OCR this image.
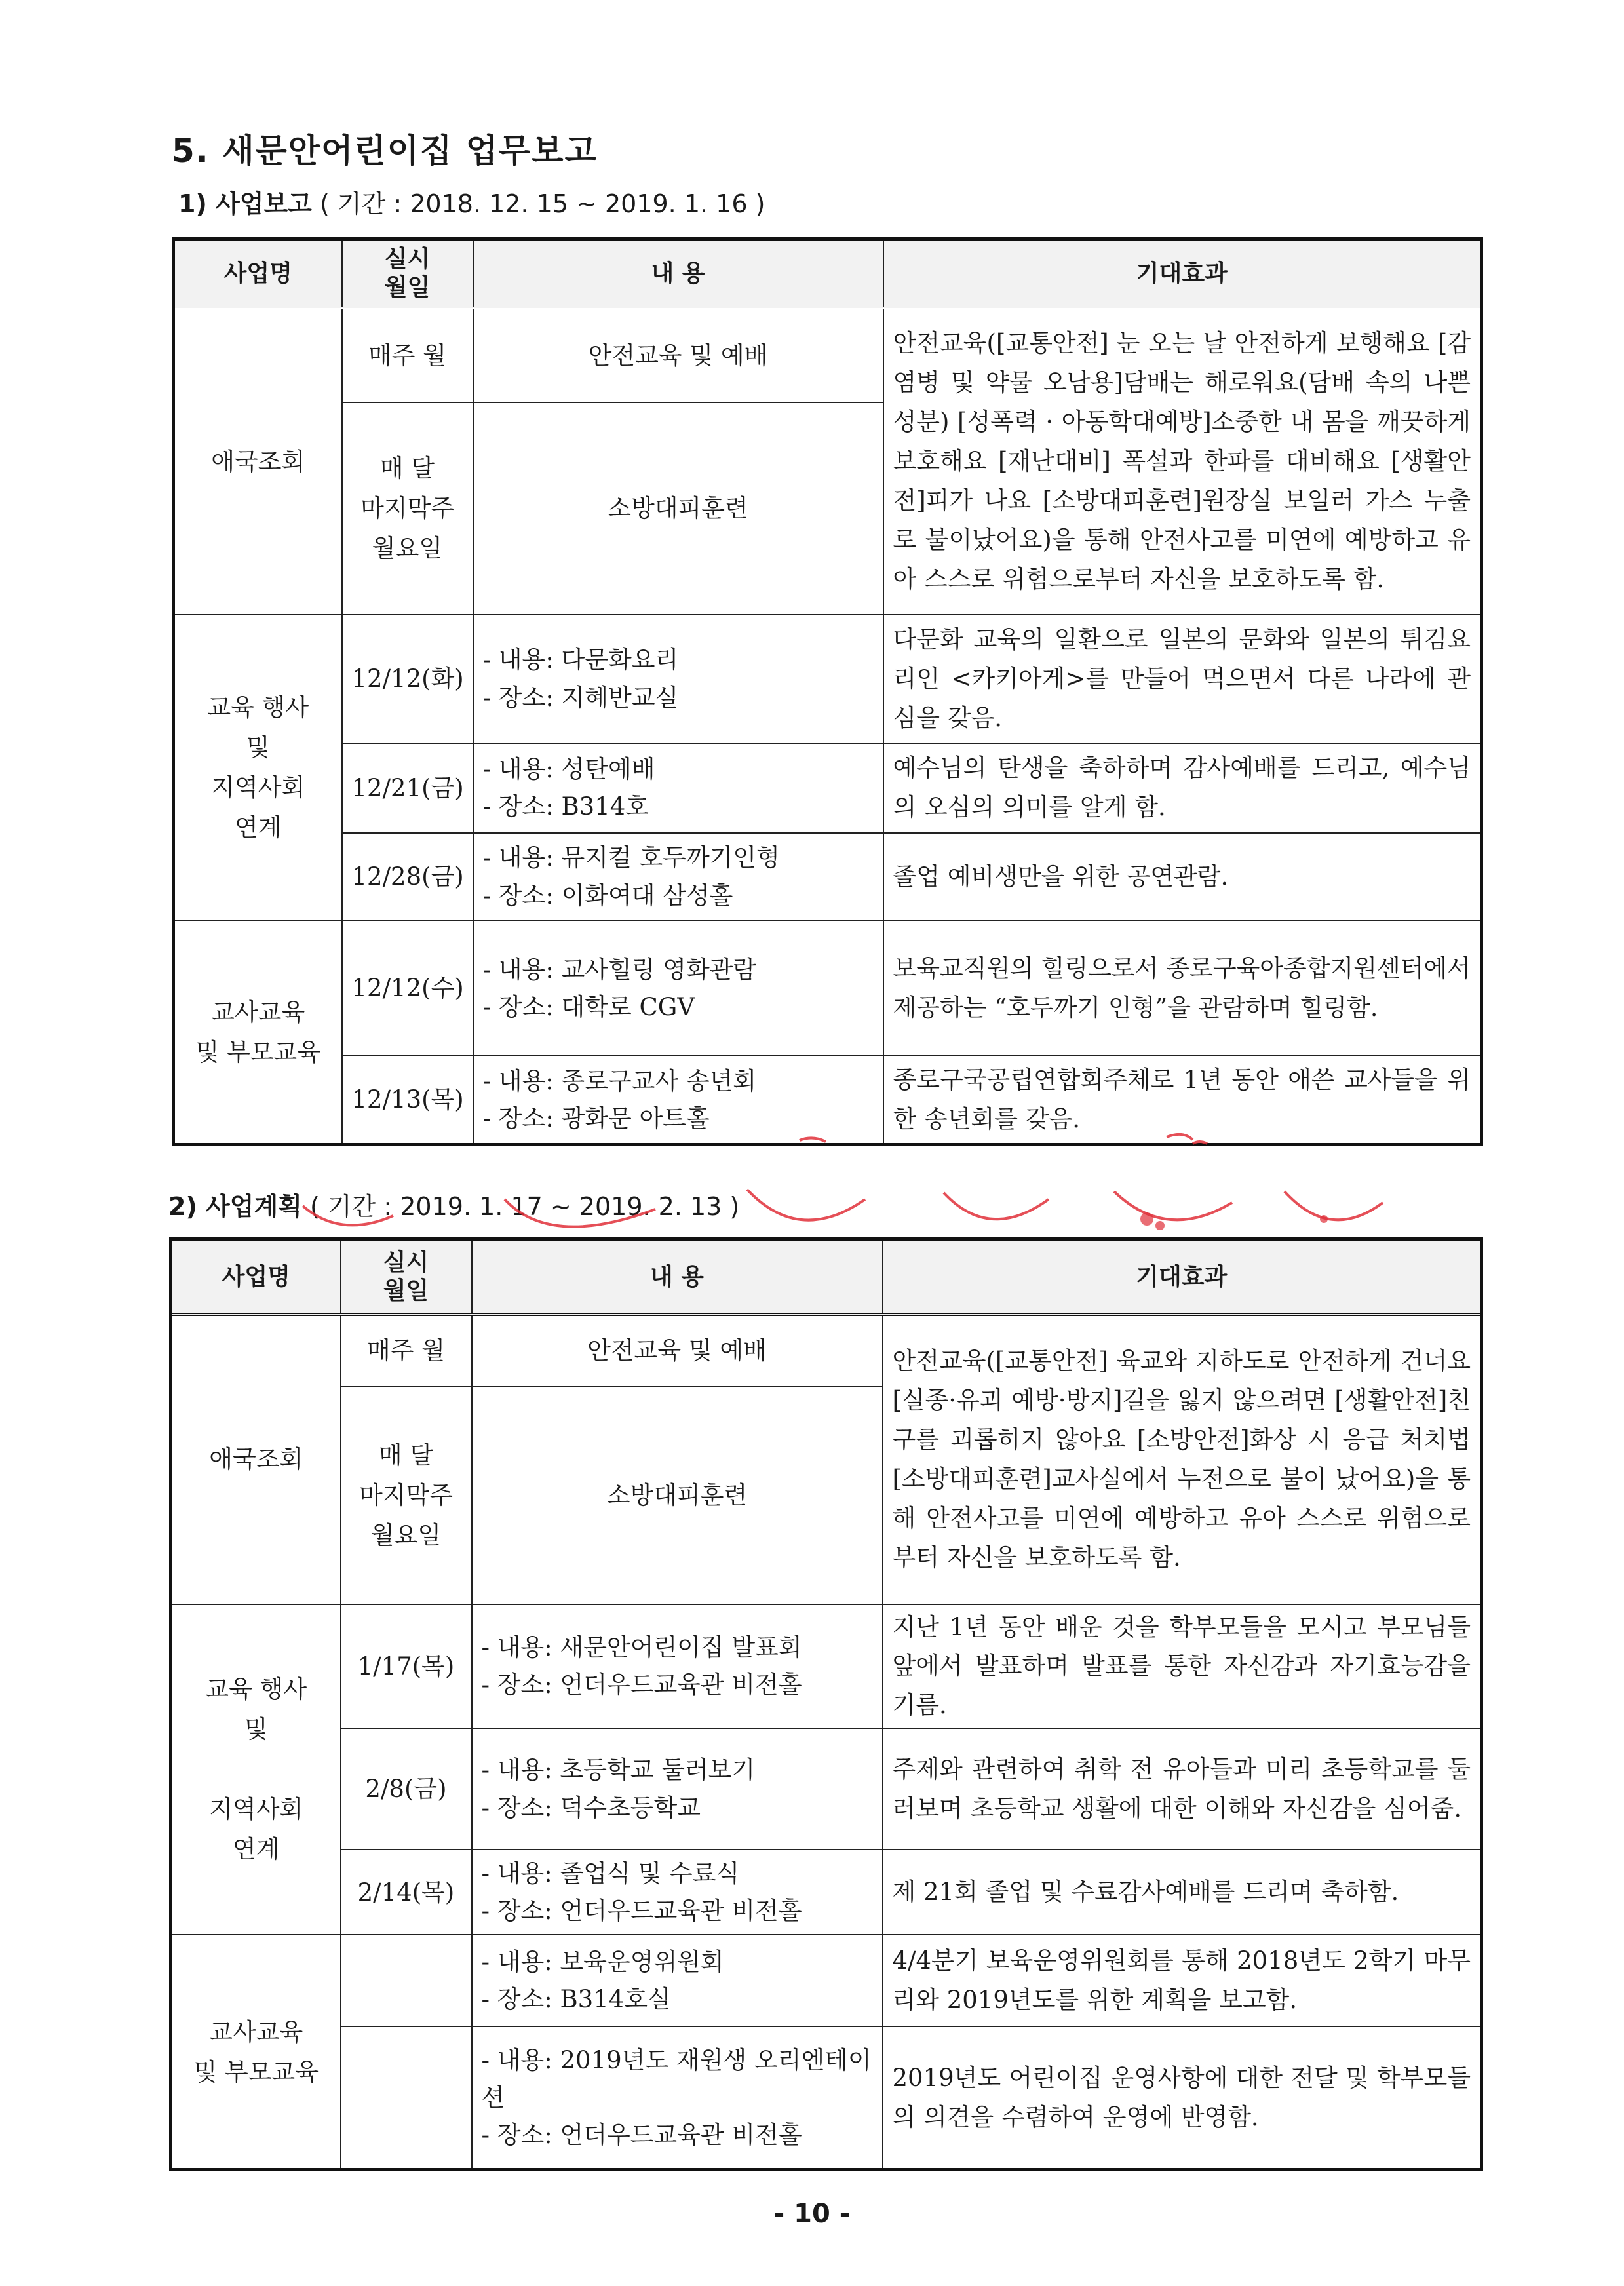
5. 새문안어린이집 업무보고

1) 사업보고 ( 기간 : 2018. 12. 15 ~ 2019. 1. 16 )

사업명	실시
월일	내 용	기대효과
애국조회	매주 월	안전교육 및 예배	안전교육([교통안전] 눈 오는 날 안전하게 보행해요 [감염병 및 약물 오남용]담배는 해로워요(담배 속의 나쁜 성분) [성폭력 · 아동학대예방]소중한 내 몸을 깨끗하게 보호해요 [재난대비] 폭설과 한파를 대비해요 [생활안전]피가 나요 [소방대피훈련]원장실 보일러 가스 누출로 불이났어요)을 통해 안전사고를 미연에 예방하고 유아 스스로 위험으로부터 자신을 보호하도록 함.

	매 달
마지막주
월요일	소방대피훈련	

교육 행사
및
지역사회
연계	12/12(화)	- 내용: 다문화요리
- 장소: 지혜반교실	다문화 교육의 일환으로 일본의 문화와 일본의 튀김요리인 <카키아게>를 만들어 먹으면서 다른 나라에 관심을 갖음.
	12/21(금)	- 내용: 성탄예배
- 장소: B314호	예수님의 탄생을 축하하며 감사예배를 드리고, 예수님의 오심의 의미를 알게 함.
	12/28(금)	- 내용: 뮤지컬 호두까기인형
- 장소: 이화여대 삼성홀	졸업 예비생만을 위한 공연관람.

교사교육
및 부모교육	12/12(수)	- 내용: 교사힐링 영화관람
- 장소: 대학로 CGV	보육교직원의 힐링으로서 종로구육아종합지원센터에서 제공하는 “호두까기 인형”을 관람하며 힐링함.
	12/13(목)	- 내용: 종로구교사 송년회
- 장소: 광화문 아트홀	종로구국공립연합회주체로 1년 동안 애쓴 교사들을 위한 송년회를 갖음.

2) 사업계획 ( 기간 : 2019. 1. 17 ~ 2019. 2. 13 )

사업명	실시
월일	내 용	기대효과
애국조회	매주 월	안전교육 및 예배	안전교육([교통안전] 육교와 지하도로 안전하게 건너요 [실종·유괴 예방·방지]길을 잃지 않으려면 [생활안전]친구를 괴롭히지 않아요 [소방안전]화상 시 응급 처치법 [소방대피훈련]교사실에서 누전으로 불이 났어요)을 통해 안전사고를 미연에 예방하고 유아 스스로 위험으로부터 자신을 보호하도록 함.

	매 달
마지막주
월요일	소방대피훈련	

교육 행사
및

지역사회
연계	1/17(목)	- 내용: 새문안어린이집 발표회
- 장소: 언더우드교육관 비전홀	지난 1년 동안 배운 것을 학부모들을 모시고 부모님들 앞에서 발표하며 발표를 통한 자신감과 자기효능감을 기름.
	2/8(금)	- 내용: 초등학교 둘러보기
- 장소: 덕수초등학교	주제와 관련하여 취학 전 유아들과 미리 초등학교를 둘러보며 초등학교 생활에 대한 이해와 자신감을 심어줌.
	2/14(목)	- 내용: 졸업식 및 수료식
- 장소: 언더우드교육관 비전홀	제 21회 졸업 및 수료감사예배를 드리며 축하함.

교사교육
및 부모교육		- 내용: 보육운영위원회
- 장소: B314호실	4/4분기 보육운영위원회를 통해 2018년도 2학기 마무리와 2019년도를 위한 계획을 보고함.

		- 내용: 2019년도 재원생 오리엔테이션
- 장소: 언더우드교육관 비전홀	2019년도 어린이집 운영사항에 대한 전달 및 학부모들의 의견을 수렴하여 운영에 반영함.
- 10 -
